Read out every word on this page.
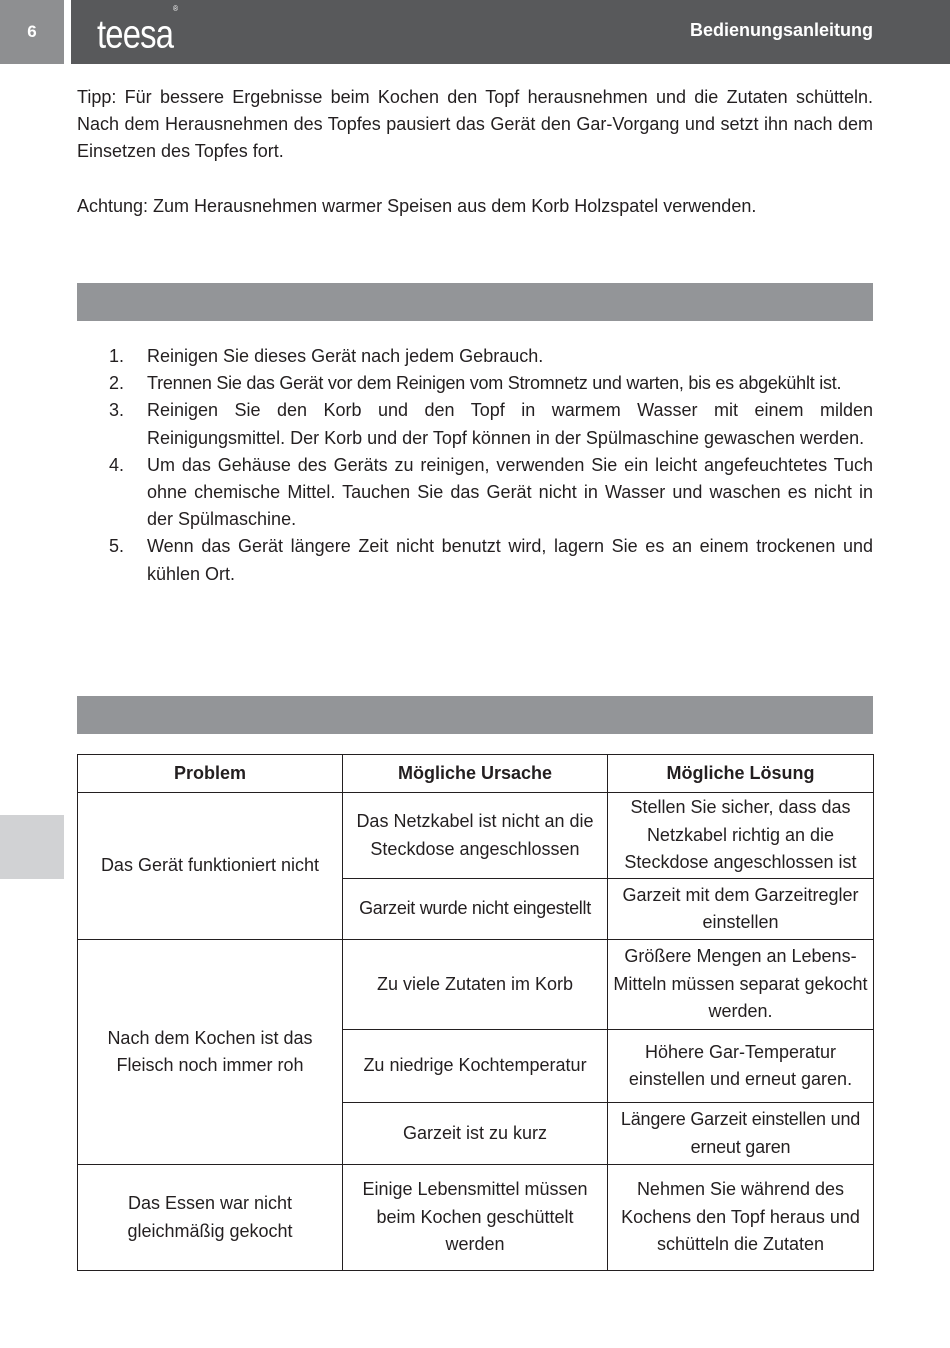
6	teesa®
Bedienungsanleitung

Tipp: Für bessere Ergebnisse beim Kochen den Topf herausnehmen und die Zutaten schütteln. Nach dem Herausnehmen des Topfes pausiert das Gerät den Gar-Vorgang und setzt ihn nach dem Einsetzen des Topfes fort.

Achtung: Zum Herausnehmen warmer Speisen aus dem Korb Holzspatel verwenden.

1. Reinigen Sie dieses Gerät nach jedem Gebrauch.
2. Trennen Sie das Gerät vor dem Reinigen vom Stromnetz und warten, bis es abgekühlt ist.
3. Reinigen Sie den Korb und den Topf in warmem Wasser mit einem milden Reinigungsmittel. Der Korb und der Topf können in der Spülmaschine gewaschen werden.
4. Um das Gehäuse des Geräts zu reinigen, verwenden Sie ein leicht angefeuchtetes Tuch ohne chemische Mittel. Tauchen Sie das Gerät nicht in Wasser und waschen es nicht in der Spülmaschine.
5. Wenn das Gerät längere Zeit nicht benutzt wird, lagern Sie es an einem trockenen und kühlen Ort.
Problem	Mögliche Ursache	Mögliche Lösung
Das Gerät funktioniert nicht	Das Netzkabel ist nicht an die Steckdose angeschlossen	Stellen Sie sicher, dass das Netzkabel richtig an die Steckdose angeschlossen ist
	Garzeit wurde nicht eingestellt	Garzeit mit dem Garzeitregler einstellen
Nach dem Kochen ist das Fleisch noch immer roh	Zu viele Zutaten im Korb	Größere Mengen an Lebens-Mitteln müssen separat gekocht werden.
	Zu niedrige Kochtemperatur	Höhere Gar-Temperatur einstellen und erneut garen.
	Garzeit ist zu kurz	Längere Garzeit einstellen und erneut garen
Das Essen war nicht gleichmäßig gekocht	Einige Lebensmittel müssen beim Kochen geschüttelt werden	Nehmen Sie während des Kochens den Topf heraus und schütteln die Zutaten
